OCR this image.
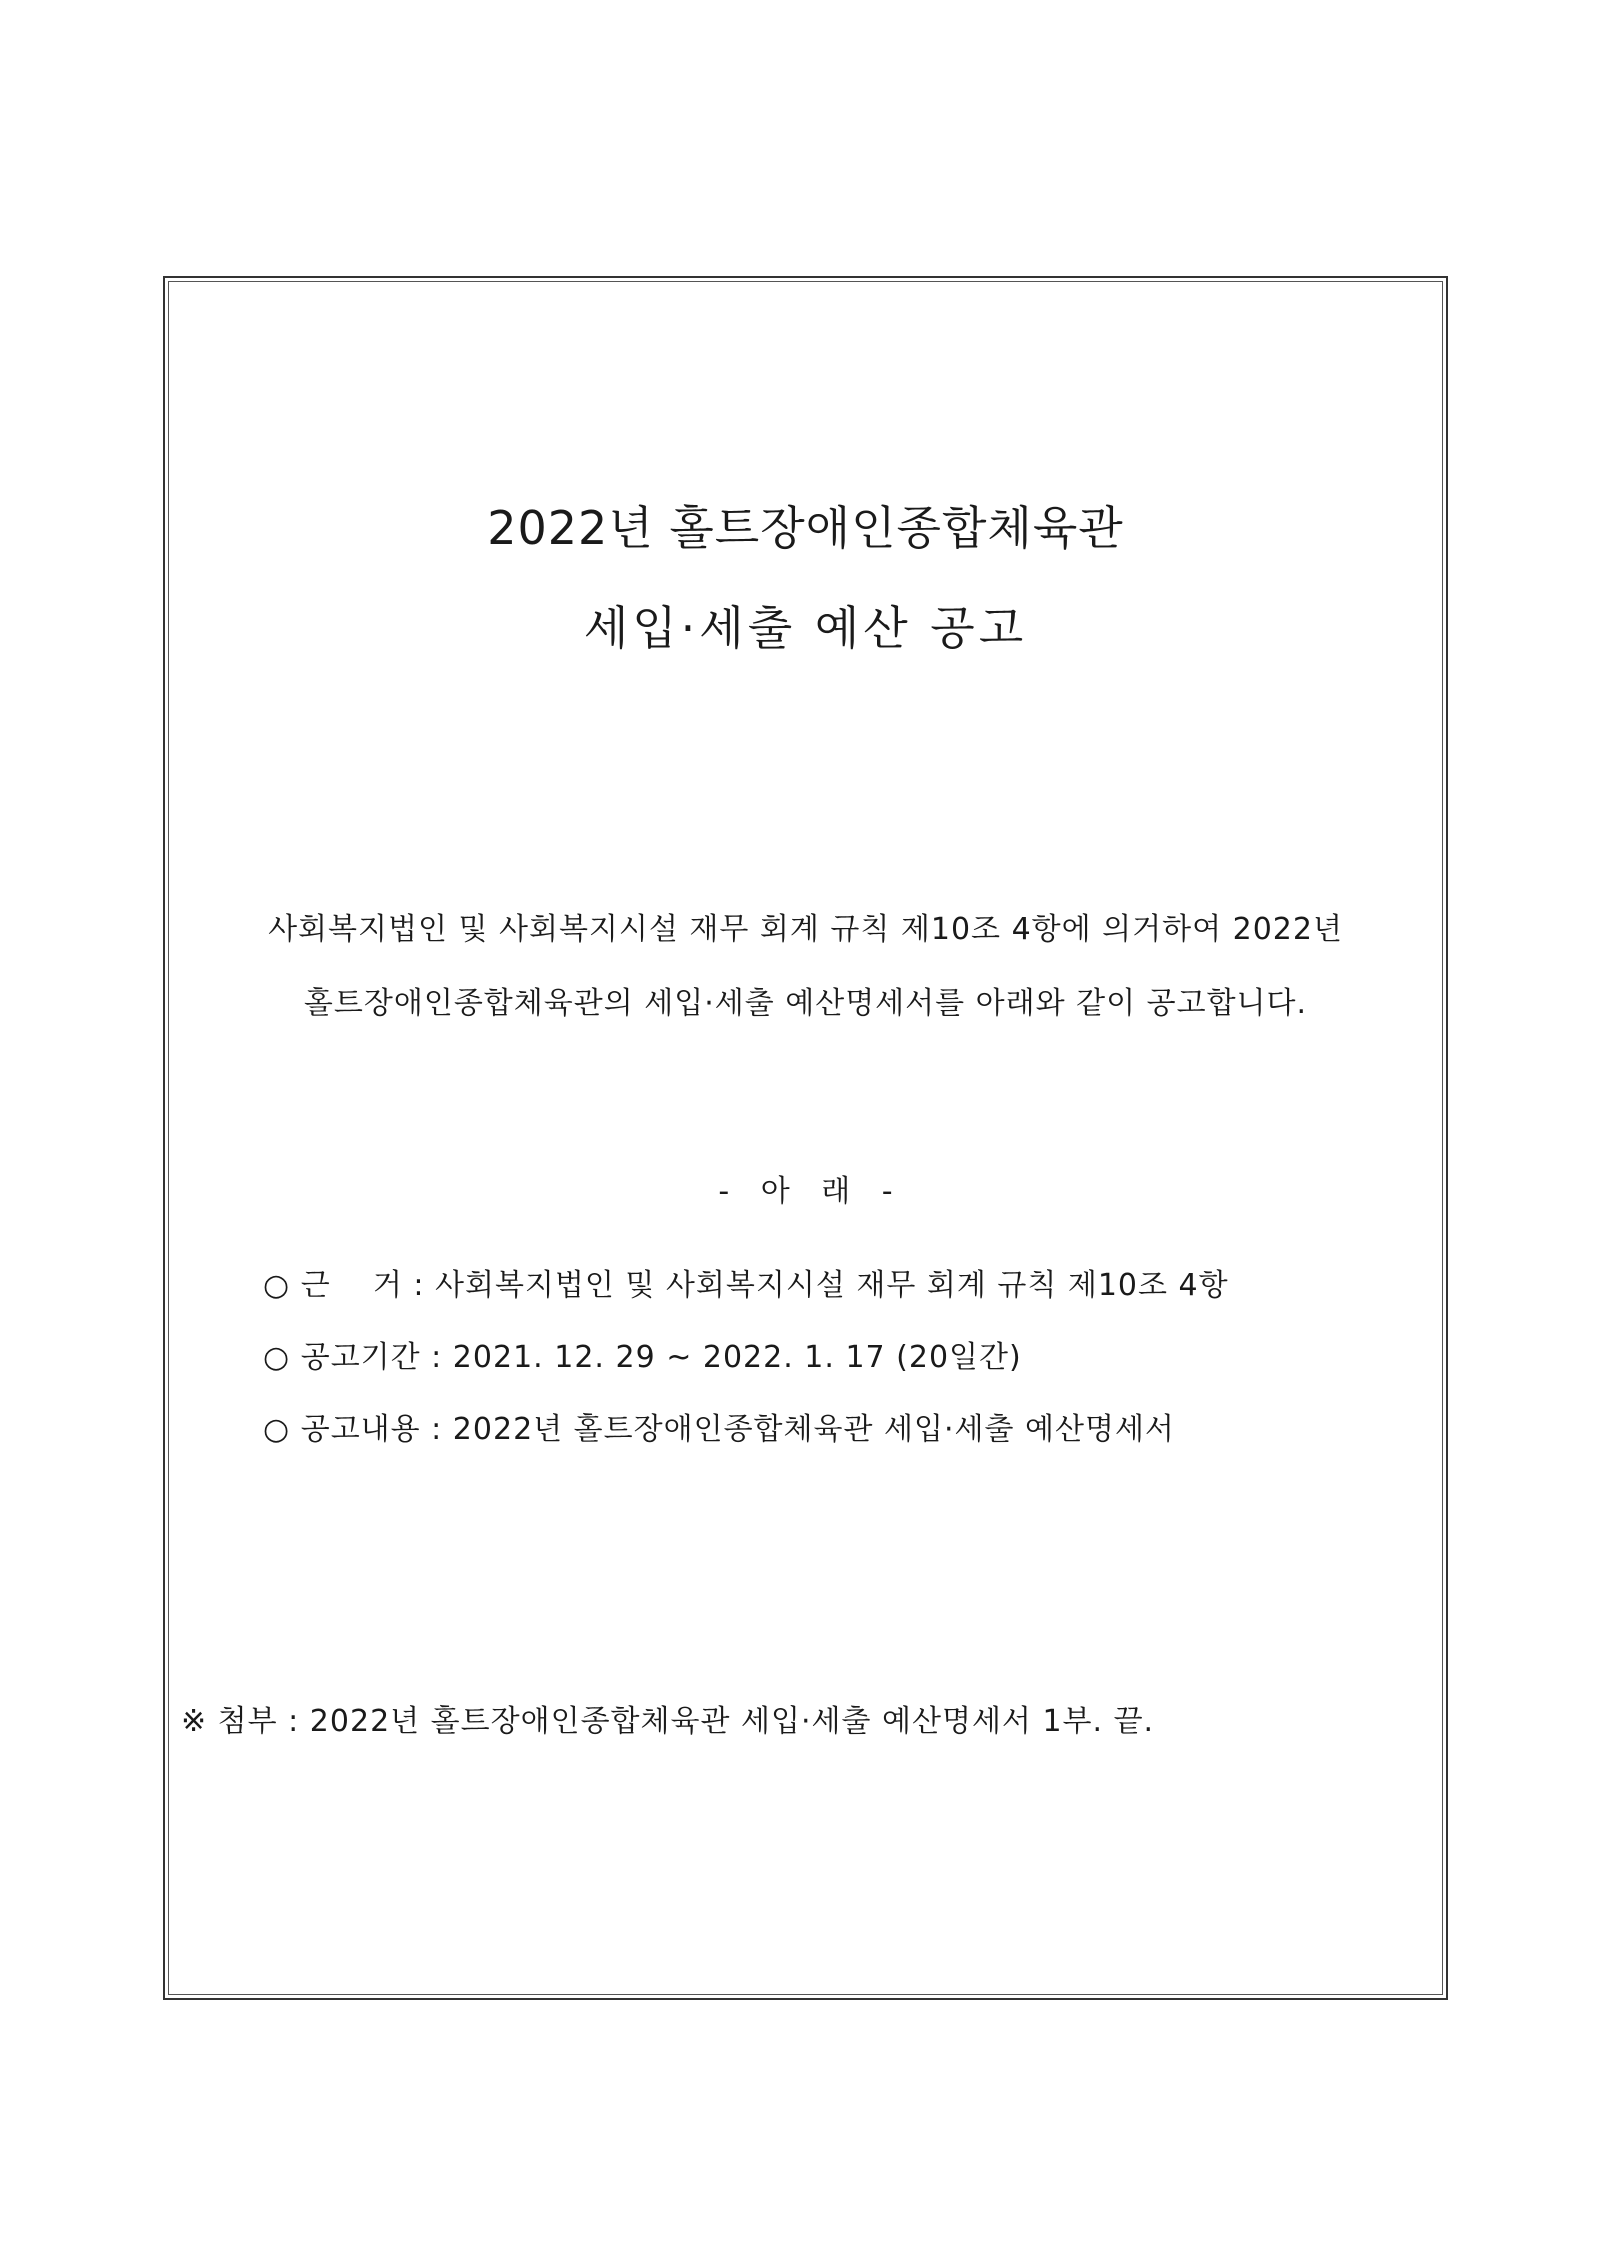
2022년 홀트장애인종합체육관
세입·세출 예산 공고
사회복지법인 및 사회복지시설 재무 회계 규칙 제10조 4항에 의거하여 2022년
홀트장애인종합체육관의 세입·세출 예산명세서를 아래와 같이 공고합니다.
- 아 래 -
○ 근    거 : 사회복지법인 및 사회복지시설 재무 회계 규칙 제10조 4항
○ 공고기간 : 2021. 12. 29 ~ 2022. 1. 17 (20일간)
○ 공고내용 : 2022년 홀트장애인종합체육관 세입·세출 예산명세서
※ 첨부 : 2022년 홀트장애인종합체육관 세입·세출 예산명세서 1부. 끝.
